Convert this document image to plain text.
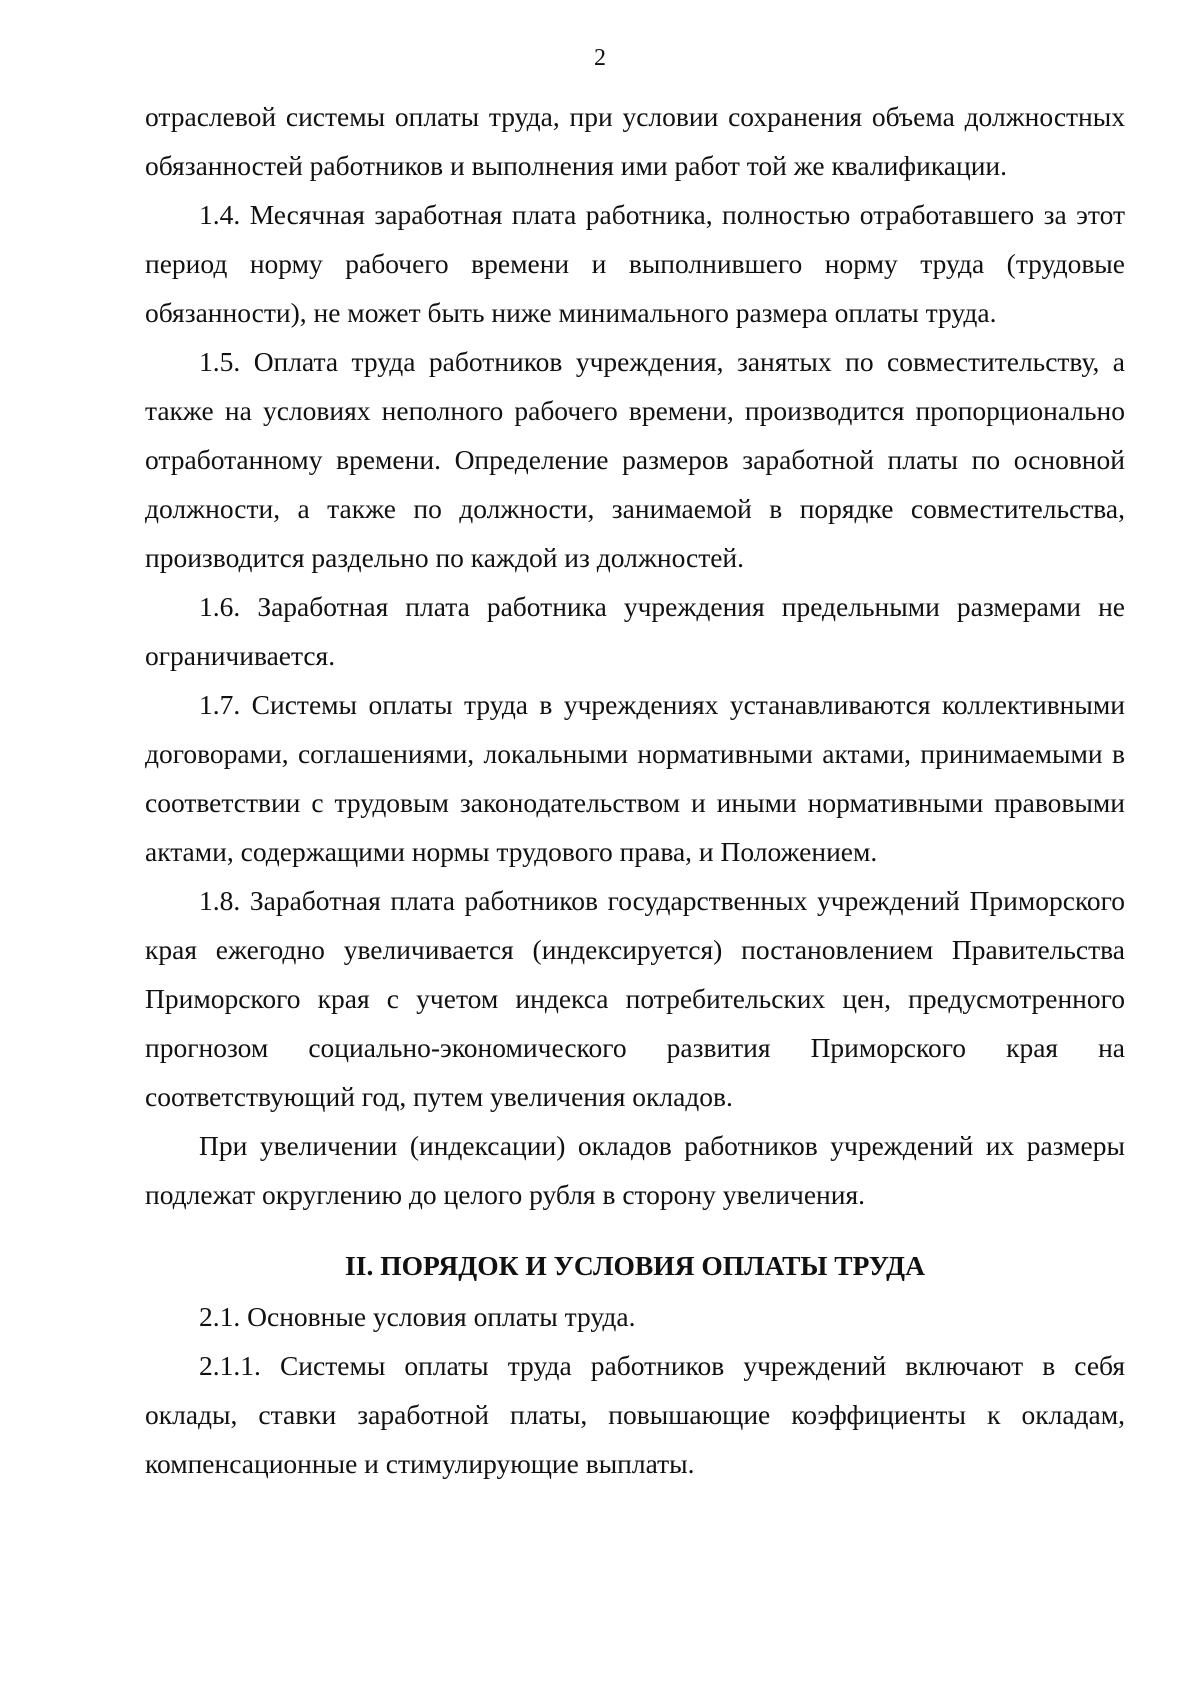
2

отраслевой системы оплаты труда, при условии сохранения объема должностных обязанностей работников и выполнения ими работ той же квалификации.

1.4. Месячная заработная плата работника, полностью отработавшего за этот период норму рабочего времени и выполнившего норму труда (трудовые обязанности), не может быть ниже минимального размера оплаты труда.

1.5. Оплата труда работников учреждения, занятых по совместительству, а также на условиях неполного рабочего времени, производится пропорционально отработанному времени. Определение размеров заработной платы по основной должности, а также по должности, занимаемой в порядке совместительства, производится раздельно по каждой из должностей.

1.6. Заработная плата работника учреждения предельными размерами не ограничивается.

1.7. Системы оплаты труда в учреждениях устанавливаются коллективными договорами, соглашениями, локальными нормативными актами, принимаемыми в соответствии с трудовым законодательством и иными нормативными правовыми актами, содержащими нормы трудового права, и Положением.

1.8. Заработная плата работников государственных учреждений Приморского края ежегодно увеличивается (индексируется) постановлением Правительства Приморского края с учетом индекса потребительских цен, предусмотренного прогнозом социально-экономического развития Приморского края на соответствующий год, путем увеличения окладов.

При увеличении (индексации) окладов работников учреждений их размеры подлежат округлению до целого рубля в сторону увеличения.

II. ПОРЯДОК И УСЛОВИЯ ОПЛАТЫ ТРУДА

2.1. Основные условия оплаты труда.

2.1.1. Системы оплаты труда работников учреждений включают в себя оклады, ставки заработной платы, повышающие коэффициенты к окладам, компенсационные и стимулирующие выплаты.
